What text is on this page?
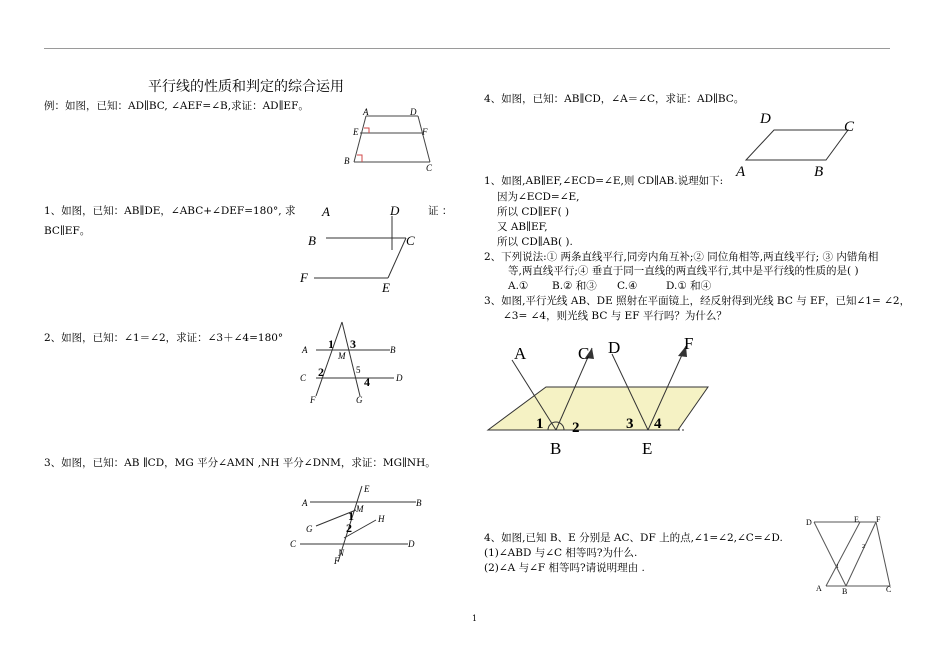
平行线的性质和判定的综合运用
例：如图，已知：AD∥BC, ∠AEF=∠B,求证：AD∥EF。	A	D
E	F
B
C
1、如图，已知：AB∥DE，∠ABC+∠DEF=180°, 求	证 ：
BC∥EF。
A	D
B	C
F
E
2、如图，已知：∠1＝∠2，求证：∠3＋∠4=180°
A	B
C	D
M
F	G
1 3
2	5
4
3、如图，已知：AB ∥CD，MG 平分∠AMN ,NH 平分∠DNM，求证：MG∥NH。
E
A	B
M
H
G
C	D
N
F
1
2
4、如图，已知：AB∥CD，∠A＝∠C，求证：AD∥BC。
D	C
A	B
1、如图,AB∥EF,∠ECD=∠E,则 CD∥AB.说理如下:
因为∠ECD=∠E,
所以 CD∥EF( )
又 AB∥EF,
所以 CD∥AB( ).
2、下列说法:① 两条直线平行,同旁内角互补;② 同位角相等,两直线平行; ③ 内错角相
等,两直线平行;④ 垂直于同一直线的两直线平行,其中是平行线的性质的是( )
A.① B.② 和③ C.④	D.① 和④
3、如图,平行光线 AB、DE 照射在平面镜上，经反射得到光线 BC 与 EF，已知∠1= ∠2，
∠3= ∠4，则光线 BC 与 EF 平行吗？为什么？
A	C D	F
1 2	3 4
B	E
4、如图,已知 B、E 分别是 AC、DF 上的点,∠1=∠2,∠C=∠D.
(1)∠ABD 与∠C 相等吗?为什么.
(2)∠A 与∠F 相等吗?请说明理由 .
D	E F
1
2
A	B	C
1
